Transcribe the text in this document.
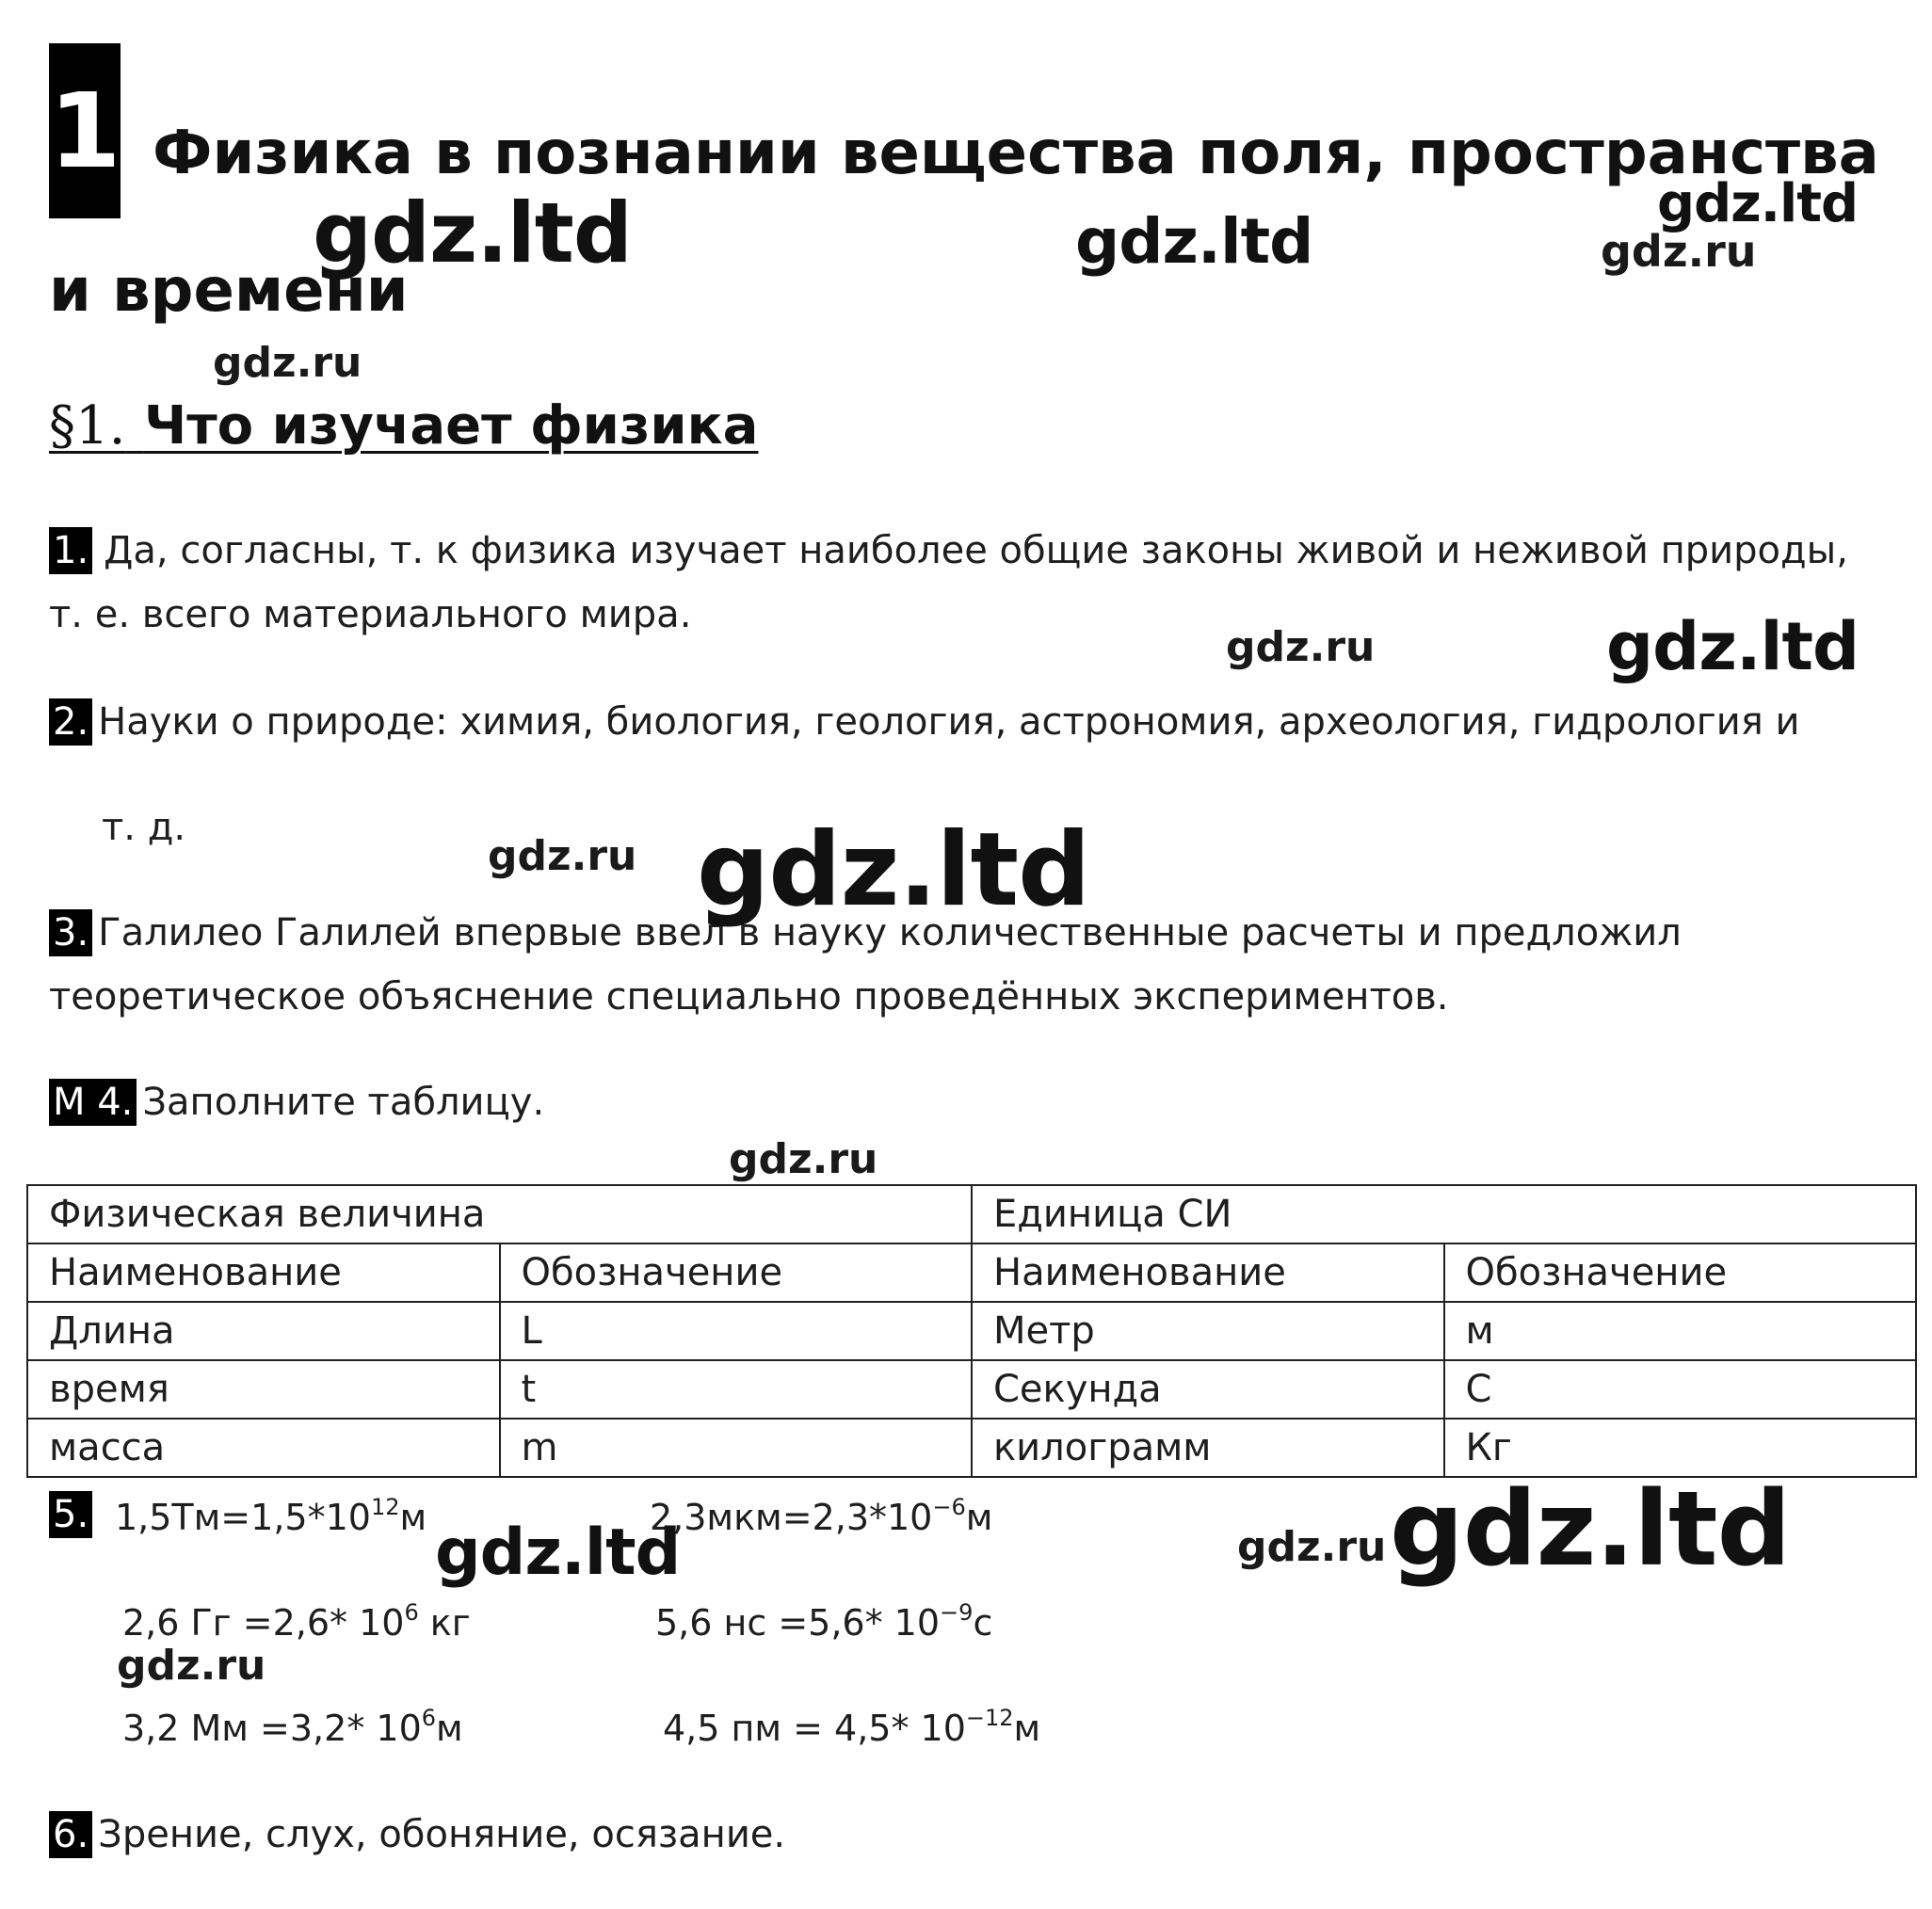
1 Физика в познании вещества поля, пространства
и времени
§1. Что изучает физика
1. Да, согласны, т. к физика изучает наиболее общие законы живой и неживой природы,
т. е. всего материального мира.
2. Науки о природе: химия, биология, геология, астрономия, археология, гидрология и
т. д.
3. Галилео Галилей впервые ввел в науку количественные расчеты и предложил
теоретическое объяснение специально проведённых экспериментов.
М 4. Заполните таблицу.
Физическая величина		Единица СИ	
Наименование	Обозначение	Наименование	Обозначение
Длина	L	Метр	м
время	t	Секунда	С
масса	m	килограмм	Кг
5. $1,5Тм=1,5*10^{12}м$	$2,3мкм=2,3*10^{-6}м$
2,6 Гг =2,6* $10^6$ кг	5,6 нс =5,6* $10^{-9}с$
3,2 Мм =3,2* $10^6м$	4,5 пм = 4,5* $10^{-12}м$
6. Зрение, слух, обоняние, осязание.
gdz.ltd	gdz.ltd
gdz.ltd
gdz.ru
gdz.ru
gdz.ru	gdz.ltd
gdz.ru gdz.ltd
gdz.ru
gdz.ltd	gdz.ru gdz.ltd
gdz.ru
